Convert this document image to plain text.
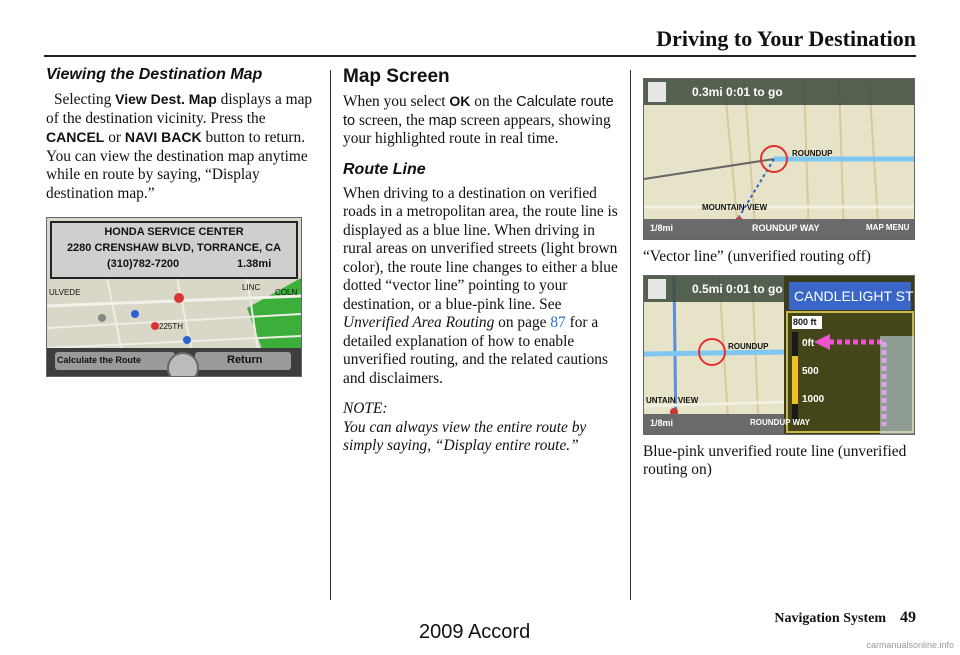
Driving to Your Destination
Viewing the Destination Map

Selecting View Dest. Map displays a map of the destination vicinity. Press the CANCEL or NAVI BACK button to return. You can view the destination map anytime while en route by saying, “Display destination map.”

HONDA SERVICE CENTER
2280 CRENSHAW BLVD, TORRANCE, CA
(310)782-7200	1.38mi
Calculate the Route	Return
LINC
COLN
225TH
ULVEDE
Map Screen

When you select OK on the Calculate route to screen, the map screen appears, showing your highlighted route in real time.

Route Line

When driving to a destination on verified roads in a metropolitan area, the route line is displayed as a blue line. When driving in rural areas on unverified streets (light brown color), the route line changes to either a blue dotted “vector line” pointing to your destination, or a blue-pink line. See Unverified Area Routing on page 87 for a detailed explanation of how to enable unverified routing, and the related cautions and disclaimers.

NOTE:

You can always view the entire route by simply saying, “Display entire route.”

0.3mi 0:01 to go
ROUNDUP
MOUNTAIN VIEW
ROUNDUP WAY
1/8mi	MAP MENU

“Vector line” (unverified routing off)

0.5mi 0:01 to go
ROUNDUP
UNTAIN VIEW
ROUNDUP WAY
1/8mi
CANDLELIGHT ST
800 ft
0ft
500
1000

Blue-pink unverified route line (unverified routing on)

Navigation System 49
2009 Accord
carmanualsonline.info
